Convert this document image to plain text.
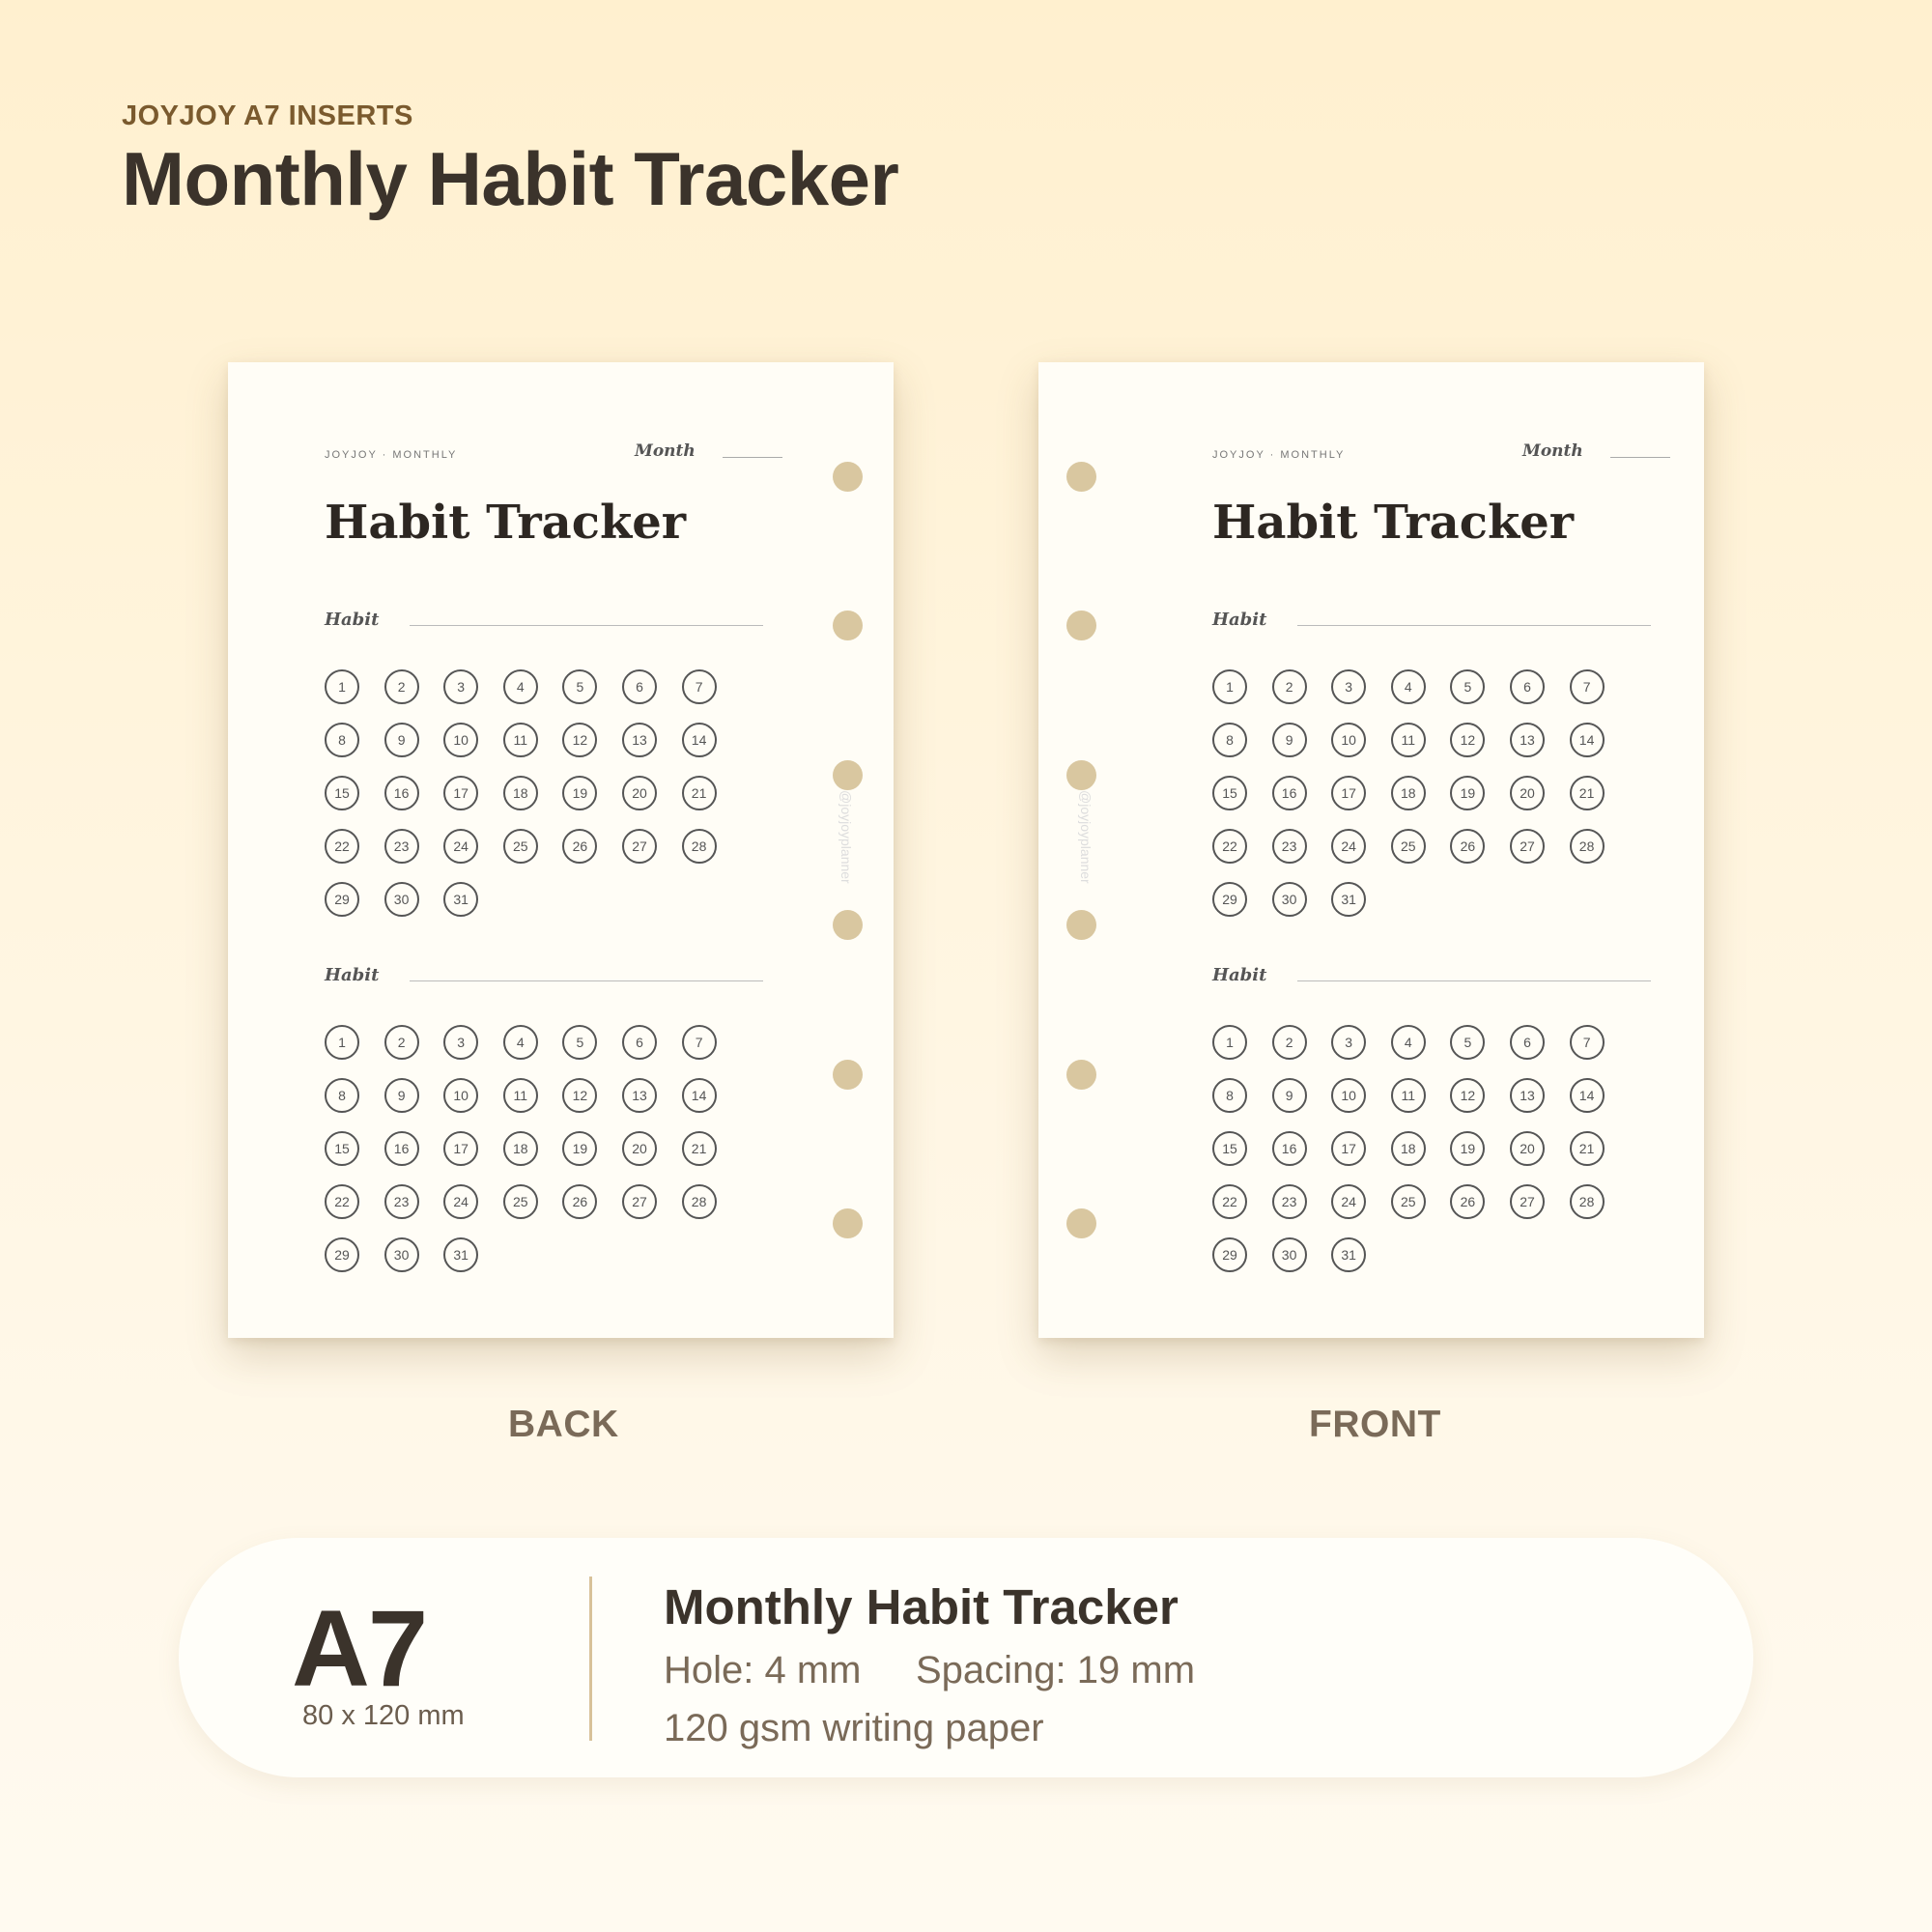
JOYJOY A7 INSERTS
Monthly Habit Tracker
JOYJOY · MONTHLY	Month
Habit Tracker
Habit
1	2	3	4	5	6	7
8	9	10	11	12	13	14
15	16	17	18	19	20	21
22	23	24	25	26	27	28
29	30	31
Habit
1	2	3	4	5	6	7
8	9	10	11	12	13	14
15	16	17	18	19	20	21
22	23	24	25	26	27	28
29	30	31
@joyjoyplanner
BACK
JOYJOY · MONTHLY	Month
Habit Tracker
Habit
1	2	3	4	5	6	7
8	9	10	11	12	13	14
15	16	17	18	19	20	21
22	23	24	25	26	27	28
29	30	31
Habit
1	2	3	4	5	6	7
8	9	10	11	12	13	14
15	16	17	18	19	20	21
22	23	24	25	26	27	28
29	30	31
@joyjoyplanner
FRONT
A7
80 x 120 mm
Monthly Habit Tracker
Hole: 4 mm Spacing: 19 mm
120 gsm writing paper
